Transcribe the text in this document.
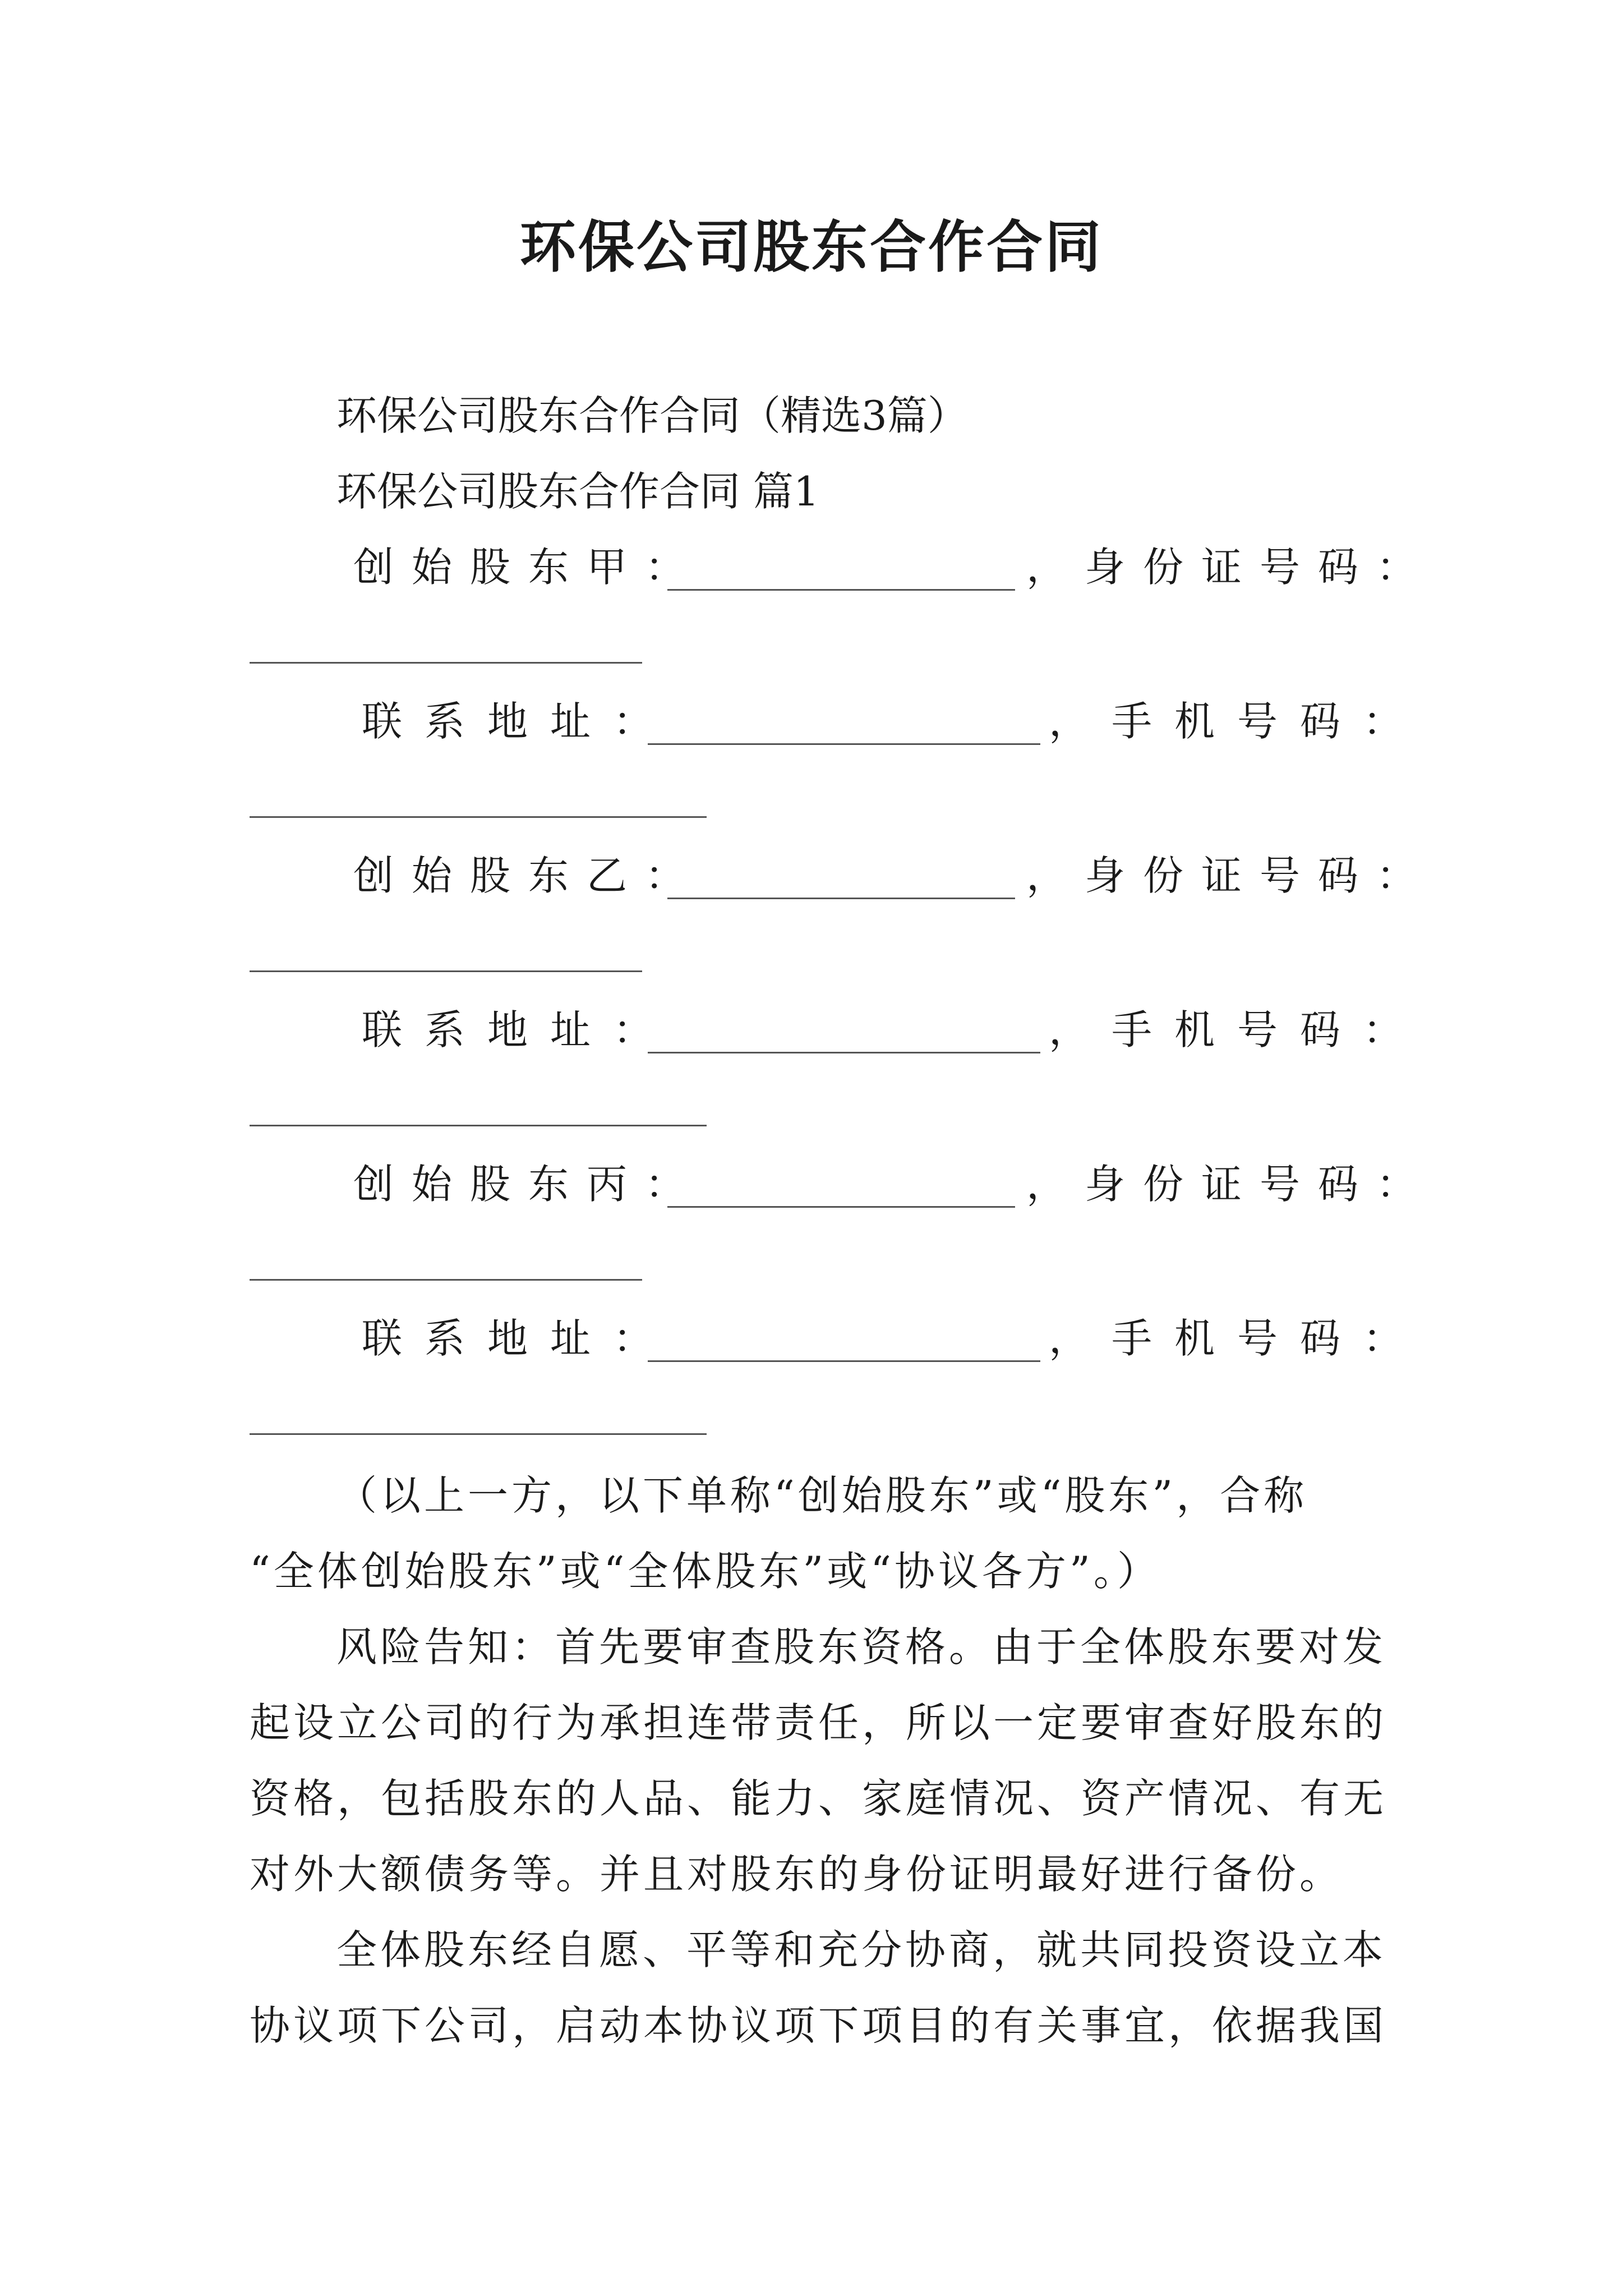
环保公司股东合作合同
环保公司股东合作合同（精选3篇）
环保公司股东合作合同 篇1
创始股东甲：	，身份证号码：
联系地址：	，手机号码：
创始股东乙：	，身份证号码：
联系地址：	，手机号码：
创始股东丙：	，身份证号码：
联系地址：	，手机号码：
（以上一方，以下单称“创始股东”或“股东”，合称
“全体创始股东”或“全体股东”或“协议各方”。）
风险告知：首先要审查股东资格。由于全体股东要对发
起设立公司的行为承担连带责任，所以一定要审查好股东的
资格，包括股东的人品、能力、家庭情况、资产情况、有无
对外大额债务等。并且对股东的身份证明最好进行备份。
全体股东经自愿、平等和充分协商，就共同投资设立本
协议项下公司，启动本协议项下项目的有关事宜，依据我国
